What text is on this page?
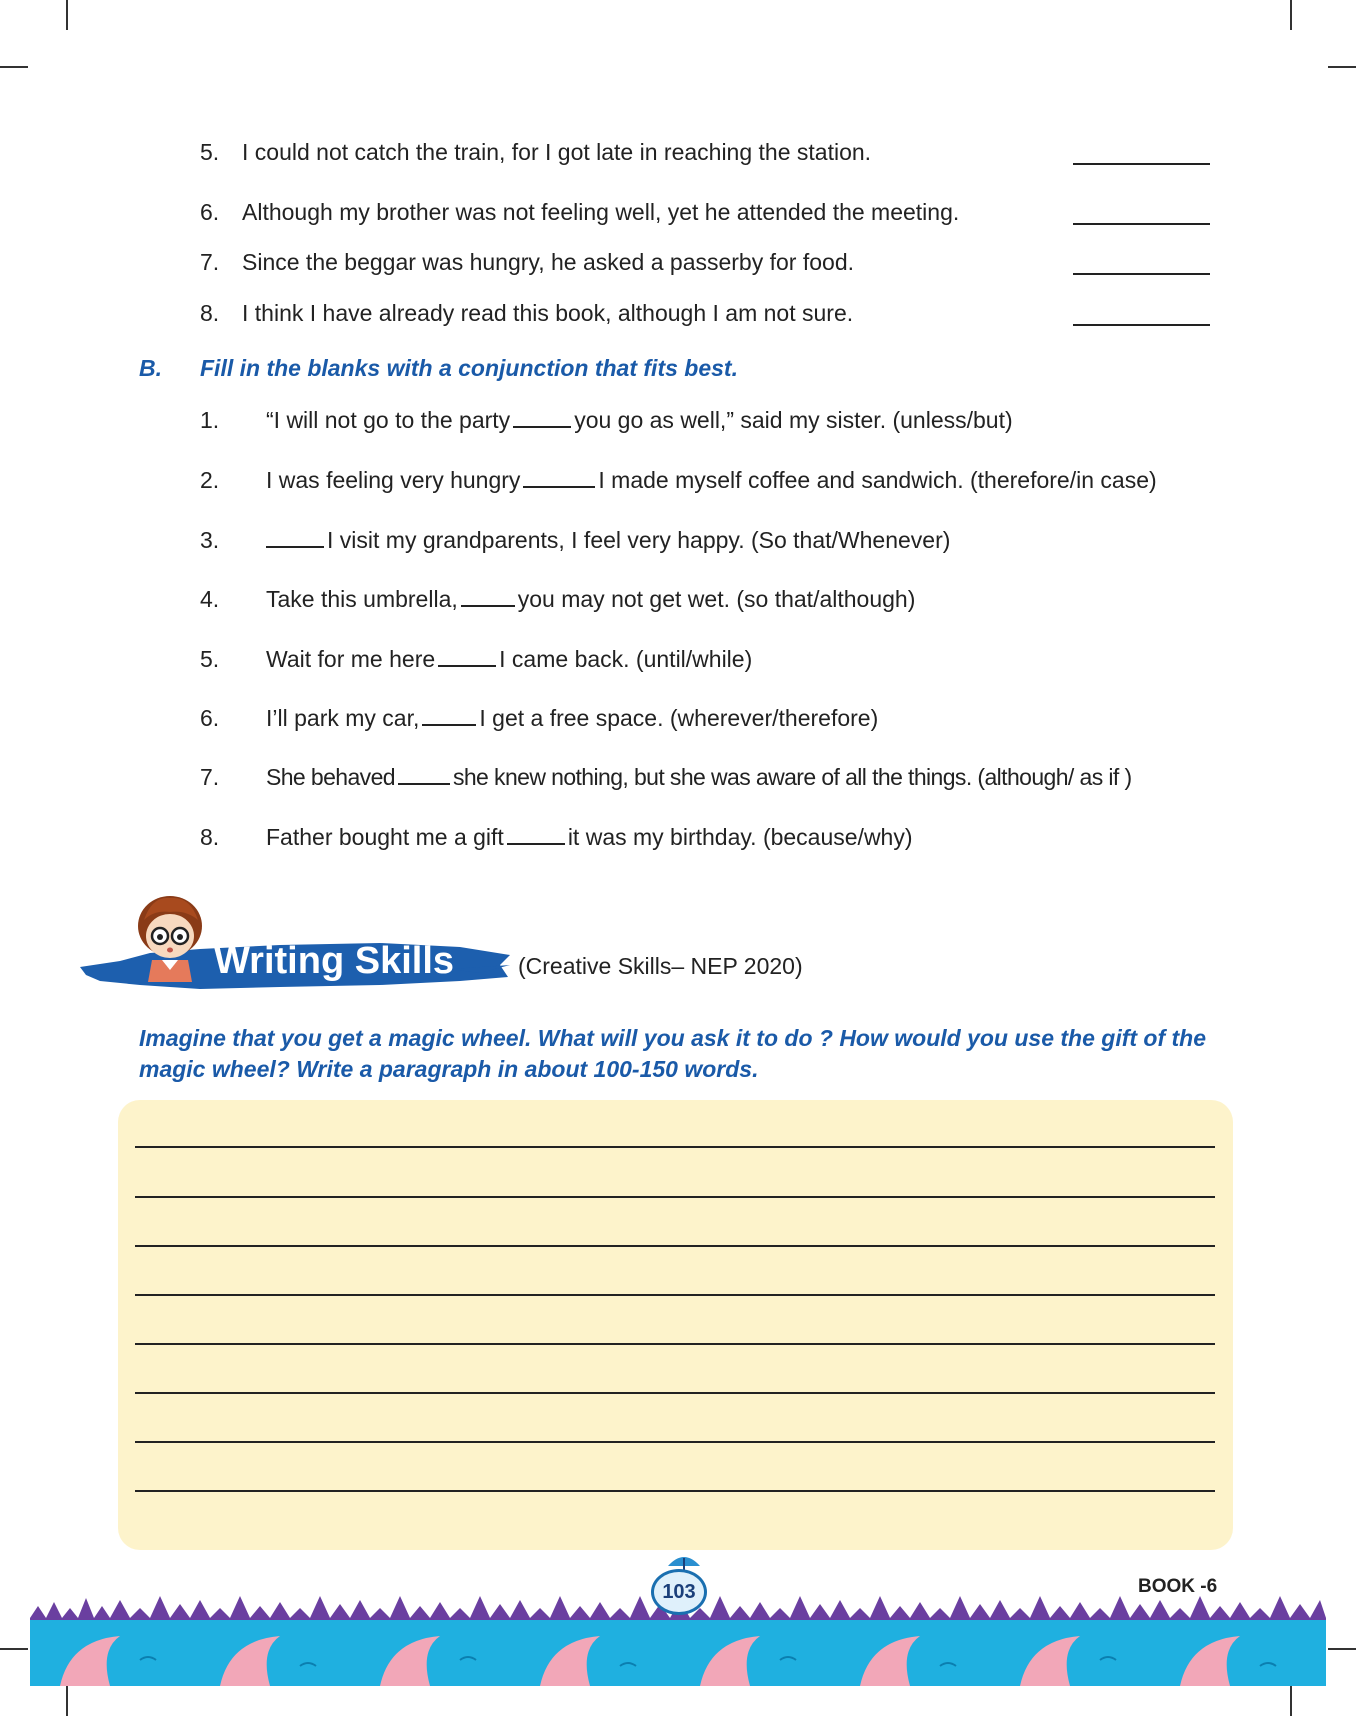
5. I could not catch the train, for I got late in reaching the station.
6. Although my brother was not feeling well, yet he attended the meeting.
7. Since the beggar was hungry, he asked a passerby for food.
8. I think I have already read this book, although I am not sure.
B. Fill in the blanks with a conjunction that fits best.
1. “I will not go to the party	you go as well,” said my sister. (unless/but)
2. I was feeling very hungry	I made myself coffee and sandwich. (therefore/in case)
3.	I visit my grandparents, I feel very happy. (So that/Whenever)
4. Take this umbrella,	you may not get wet. (so that/although)
5. Wait for me here	I came back. (until/while)
6. I’ll park my car,	I get a free space. (wherever/therefore)
7. She behaved	she knew nothing, but she was aware of all the things. (although/ as if )
8. Father bought me a gift	it was my birthday. (because/why)
Writing Skills	(Creative Skills– NEP 2020)
Imagine that you get a magic wheel. What will you ask it to do ? How would you use the gift of the magic wheel? Write a paragraph in about 100-150 words.
103	BOOK -6
